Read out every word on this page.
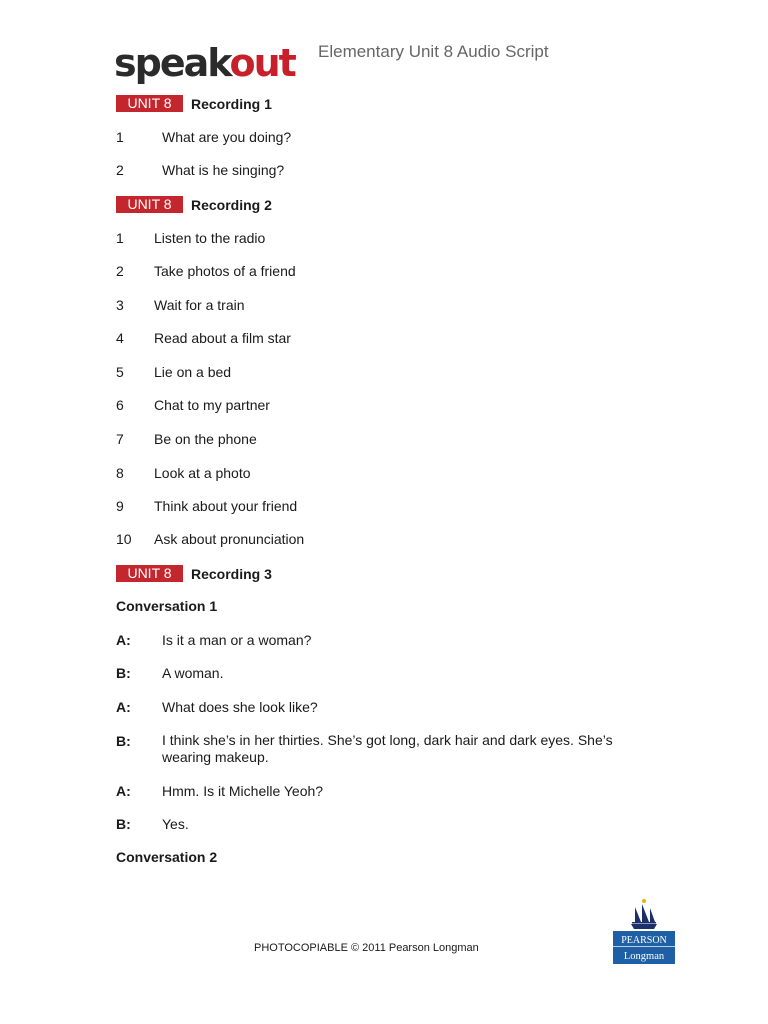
speakout Elementary Unit 8 Audio Script
UNIT 8	Recording 1
1	What are you doing?
2	What is he singing?
UNIT 8	Recording 2
1 Listen to the radio
2 Take photos of a friend
3 Wait for a train
4 Read about a film star
5 Lie on a bed
6 Chat to my partner
7 Be on the phone
8 Look at a photo
9 Think about your friend
10 Ask about pronunciation
UNIT 8	Recording 3
Conversation 1
A: Is it a man or a woman?
B: A woman.
A: What does she look like?
B: I think she’s in her thirties. She’s got long, dark hair and dark eyes. She’s wearing makeup.
A: Hmm. Is it Michelle Yeoh?
B: Yes.
Conversation 2
PHOTOCOPIABLE © 2011 Pearson Longman
PEARSON
Longman
